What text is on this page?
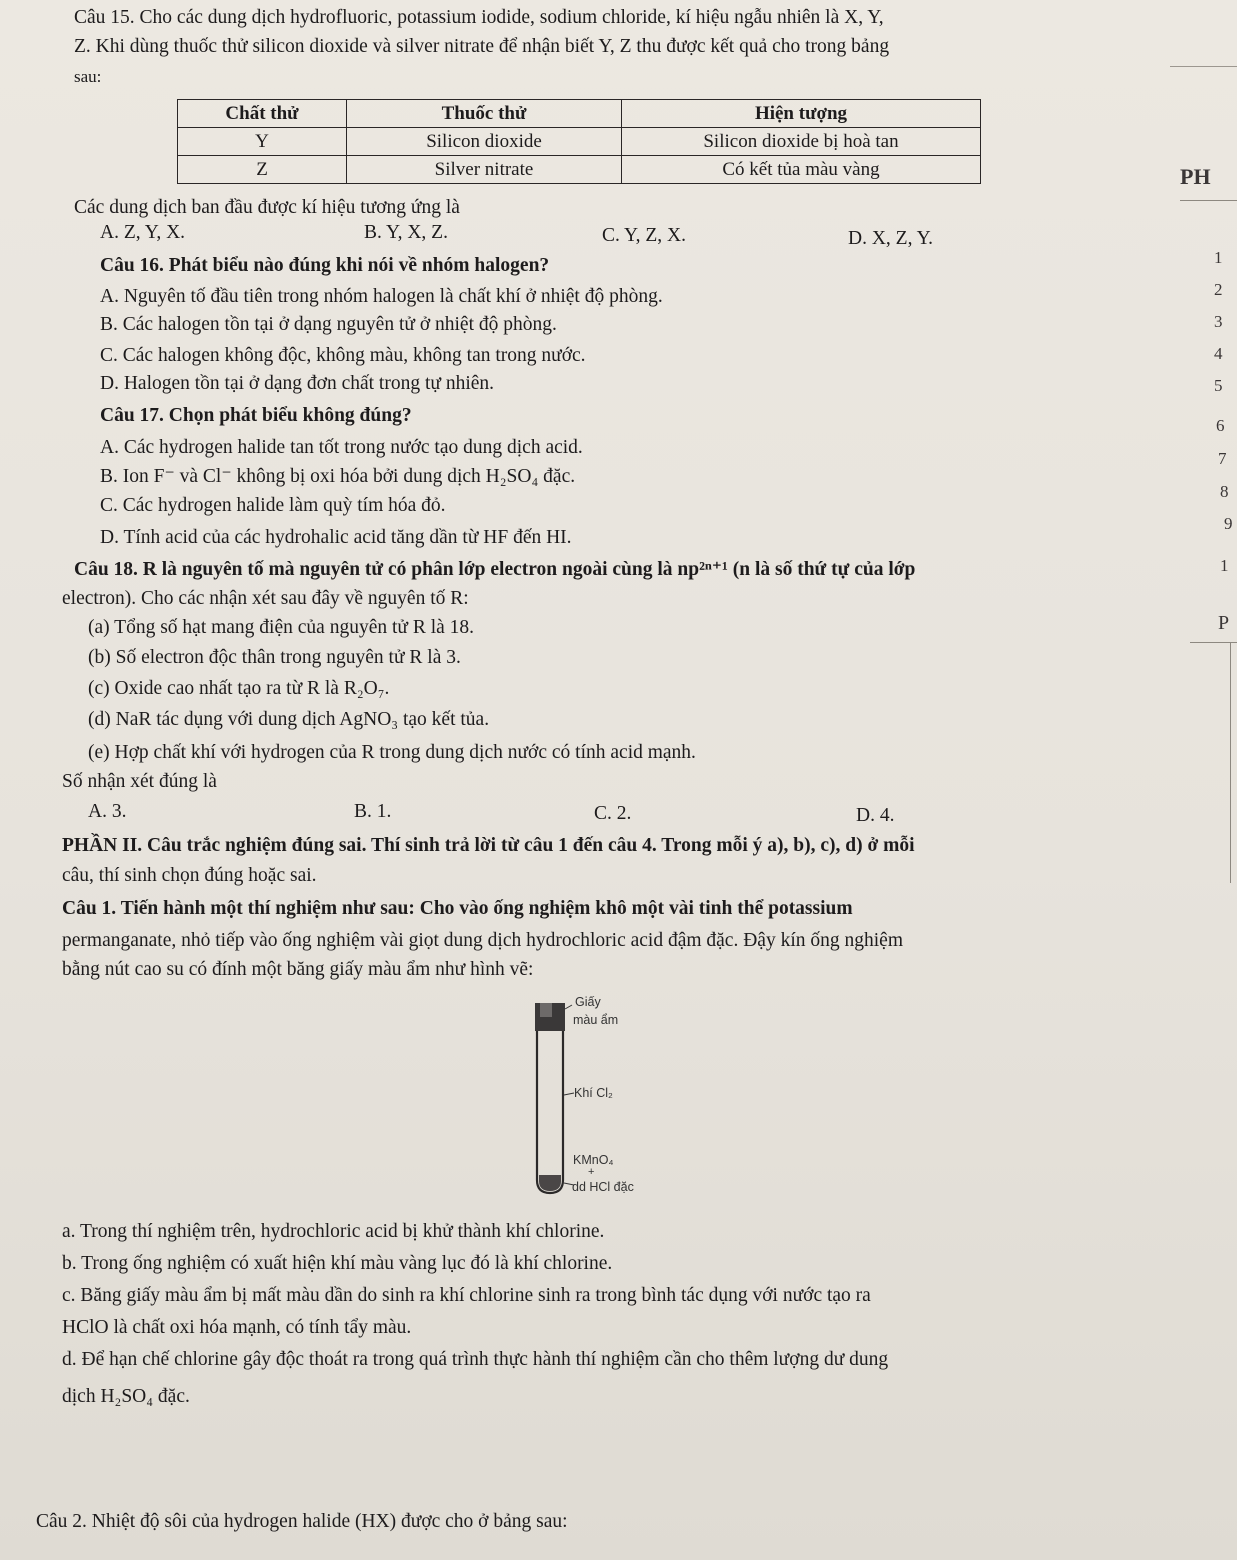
Câu 15. Cho các dung dịch hydrofluoric, potassium iodide, sodium chloride, kí hiệu ngẫu nhiên là X, Y,
Z. Khi dùng thuốc thử silicon dioxide và silver nitrate để nhận biết Y, Z thu được kết quả cho trong bảng
sau:
Chất thử	Thuốc thử	Hiện tượng
Y	Silicon dioxide	Silicon dioxide bị hoà tan
Z	Silver nitrate	Có kết tủa màu vàng
Các dung dịch ban đầu được kí hiệu tương ứng là
A. Z, Y, X.	B. Y, X, Z.	C. Y, Z, X.	D. X, Z, Y.
Câu 16. Phát biểu nào đúng khi nói về nhóm halogen?
A. Nguyên tố đầu tiên trong nhóm halogen là chất khí ở nhiệt độ phòng.
B. Các halogen tồn tại ở dạng nguyên tử ở nhiệt độ phòng.
C. Các halogen không độc, không màu, không tan trong nước.
D. Halogen tồn tại ở dạng đơn chất trong tự nhiên.
Câu 17. Chọn phát biểu không đúng?
A. Các hydrogen halide tan tốt trong nước tạo dung dịch acid.
B. Ion F⁻ và Cl⁻ không bị oxi hóa bởi dung dịch H₂SO₄ đặc.
C. Các hydrogen halide làm quỳ tím hóa đỏ.
D. Tính acid của các hydrohalic acid tăng dần từ HF đến HI.
Câu 18. R là nguyên tố mà nguyên tử có phân lớp electron ngoài cùng là np²ⁿ⁺¹ (n là số thứ tự của lớp
electron). Cho các nhận xét sau đây về nguyên tố R:
(a) Tổng số hạt mang điện của nguyên tử R là 18.
(b) Số electron độc thân trong nguyên tử R là 3.
(c) Oxide cao nhất tạo ra từ R là R₂O₇.
(d) NaR tác dụng với dung dịch AgNO₃ tạo kết tủa.
(e) Hợp chất khí với hydrogen của R trong dung dịch nước có tính acid mạnh.
Số nhận xét đúng là
A. 3.	B. 1.	C. 2.	D. 4.
PHẦN II. Câu trắc nghiệm đúng sai. Thí sinh trả lời từ câu 1 đến câu 4. Trong mỗi ý a), b), c), d) ở mỗi
câu, thí sinh chọn đúng hoặc sai.
Câu 1. Tiến hành một thí nghiệm như sau: Cho vào ống nghiệm khô một vài tinh thể potassium
permanganate, nhỏ tiếp vào ống nghiệm vài giọt dung dịch hydrochloric acid đậm đặc. Đậy kín ống nghiệm
bằng nút cao su có đính một băng giấy màu ẩm như hình vẽ:
Giấy
màu ẩm
Khí Cl₂
KMnO₄
+
dd HCl đặc
a. Trong thí nghiệm trên, hydrochloric acid bị khử thành khí chlorine.
b. Trong ống nghiệm có xuất hiện khí màu vàng lục đó là khí chlorine.
c. Băng giấy màu ẩm bị mất màu dần do sinh ra khí chlorine sinh ra trong bình tác dụng với nước tạo ra
HClO là chất oxi hóa mạnh, có tính tẩy màu.
d. Để hạn chế chlorine gây độc thoát ra trong quá trình thực hành thí nghiệm cần cho thêm lượng dư dung
dịch H₂SO₄ đặc.
Câu 2. Nhiệt độ sôi của hydrogen halide (HX) được cho ở bảng sau:
PH
1
2
3
4
5
6
7
8
9
1
P
